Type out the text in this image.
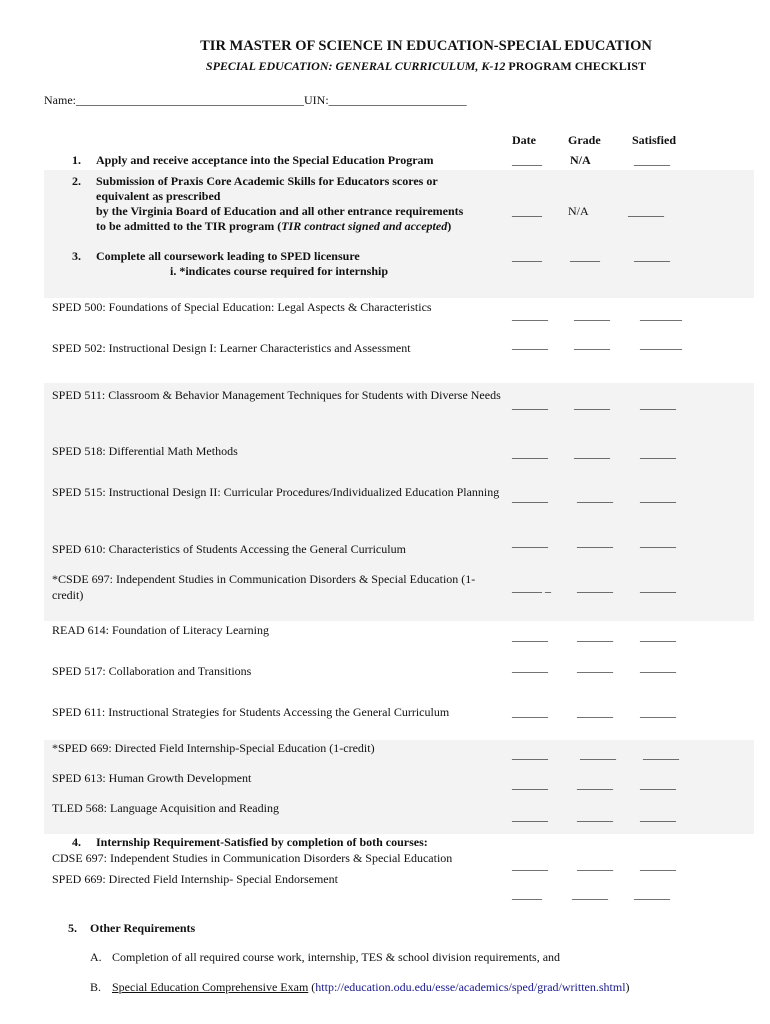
TIR MASTER OF SCIENCE IN EDUCATION-SPECIAL EDUCATION
SPECIAL EDUCATION: GENERAL CURRICULUM, K-12 PROGRAM CHECKLIST
Name:______________________________________UIN:_______________________
Date	Grade	Satisfied
1. Apply and receive acceptance into the Special Education Program	_____ N/A	______
2. Submission of Praxis Core Academic Skills for Educators scores or
equivalent as prescribed
by the Virginia Board of Education and all other entrance requirements
to be admitted to the TIR program (TIR contract signed and accepted)
_____ N/A	______
3. Complete all coursework leading to SPED licensure
i. *indicates course required for internship
_____ _____	______
SPED 500: Foundations of Special Education: Legal Aspects & Characteristics
______ ______	_______
SPED 502: Instructional Design I: Learner Characteristics and Assessment	______ ______	_______
SPED 511: Classroom & Behavior Management Techniques for Students with Diverse Needs
______ ______	______
SPED 518: Differential Math Methods	______ ______	______
SPED 515: Instructional Design II: Curricular Procedures/Individualized Education Planning ______ ______ ______
SPED 610: Characteristics of Students Accessing the General Curriculum	______ ______ ______
*CSDE 697: Independent Studies in Communication Disorders & Special Education (1-credit)
_____ _ ______ ______
READ 614: Foundation of Literacy Learning	______ ______ ______
SPED 517: Collaboration and Transitions	______ ______ ______
SPED 611: Instructional Strategies for Students Accessing the General Curriculum	______ ______ ______
*SPED 669: Directed Field Internship-Special Education (1-credit)	______	______ ______
SPED 613: Human Growth Development	______ ______ ______
TLED 568: Language Acquisition and Reading
______ ______ ______
4. Internship Requirement-Satisfied by completion of both courses:
CDSE 697: Independent Studies in Communication Disorders & Special Education	______ ______ ______
SPED 669: Directed Field Internship- Special Endorsement
_____	______ ______
5. Other Requirements
A. Completion of all required course work, internship, TES & school division requirements, and
B. Special Education Comprehensive Exam (http://education.odu.edu/esse/academics/sped/grad/written.shtml)
